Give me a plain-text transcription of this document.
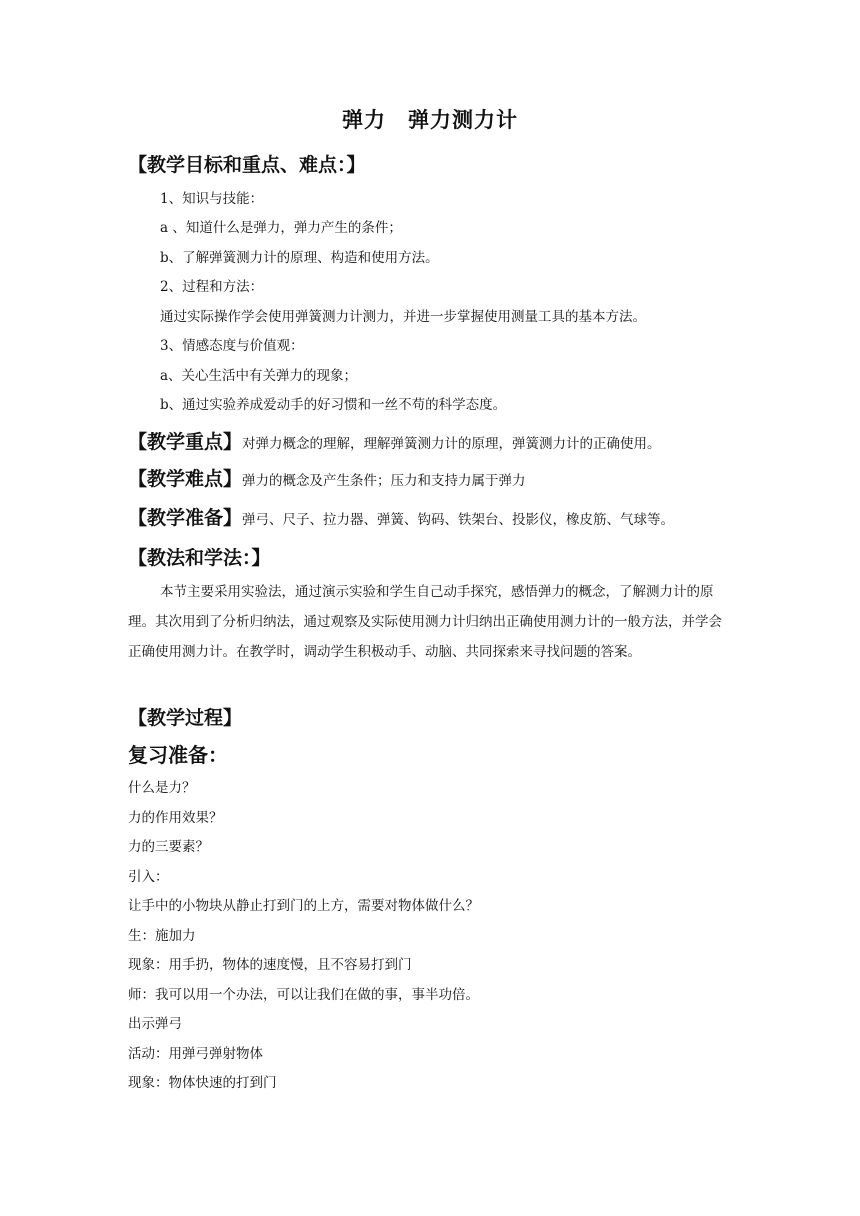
弹力　弹力测力计
【教学目标和重点、难点：】
1、知识与技能：
a 、知道什么是弹力，弹力产生的条件；
b、了解弹簧测力计的原理、构造和使用方法。
2、过程和方法：
通过实际操作学会使用弹簧测力计测力，并进一步掌握使用测量工具的基本方法。
3、情感态度与价值观：
a、关心生活中有关弹力的现象；
b、通过实验养成爱动手的好习惯和一丝不苟的科学态度。
【教学重点】对弹力概念的理解，理解弹簧测力计的原理，弹簧测力计的正确使用。
【教学难点】弹力的概念及产生条件；压力和支持力属于弹力
【教学准备】弹弓、尺子、拉力器、弹簧、钩码、铁架台、投影仪，橡皮筋、气球等。
【教法和学法：】
本节主要采用实验法，通过演示实验和学生自己动手探究，感悟弹力的概念，了解测力计的原理。其次用到了分析归纳法，通过观察及实际使用测力计归纳出正确使用测力计的一般方法，并学会正确使用测力计。在教学时，调动学生积极动手、动脑、共同探索来寻找问题的答案。
【教学过程】
复习准备：
什么是力？
力的作用效果？
力的三要素？
引入：
让手中的小物块从静止打到门的上方，需要对物体做什么？
生：施加力
现象：用手扔，物体的速度慢，且不容易打到门
师：我可以用一个办法，可以让我们在做的事，事半功倍。
出示弹弓
活动：用弹弓弹射物体
现象：物体快速的打到门
